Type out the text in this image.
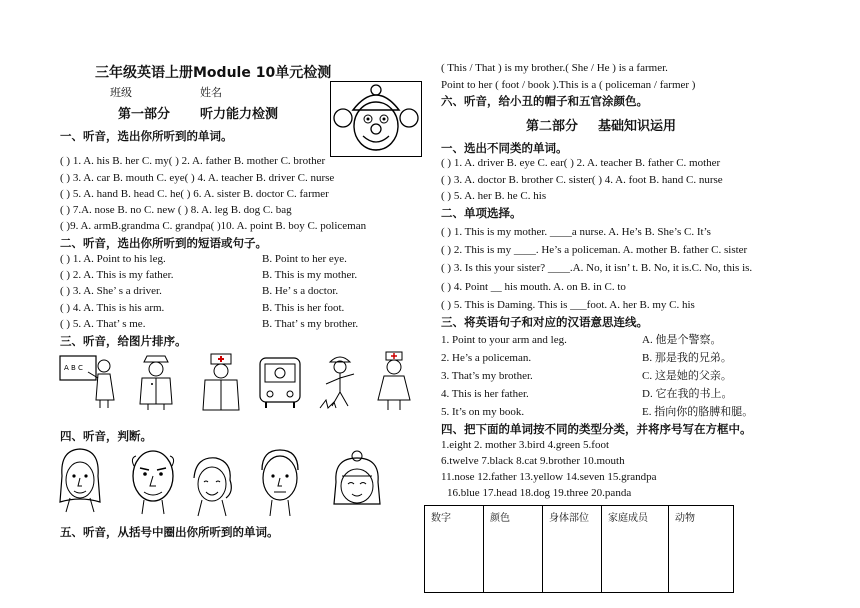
三年级英语上册Module 10单元检测
班级	姓名
第一部分 听力能力检测
一、听音，选出你所听到的单词。
( ) 1. A. his B. her C. my( ) 2. A. father B. mother C. brother
( ) 3. A. car B. mouth C. eye( ) 4. A. teacher B. driver C. nurse
( ) 5. A. hand B. head C. he( ) 6. A. sister B. doctor C. farmer
( ) 7.A. nose B. no C. new ( ) 8. A. leg B. dog C. bag
( )9. A. armB.grandma C. grandpa( )10. A. point B. boy C. policeman
二、听音，选出你所听到的短语或句子。
( ) 1. A. Point to his leg.	B. Point to her eye.
( ) 2. A. This is my father.	B. This is my mother.
( ) 3. A. She’ s a driver.	B. He’ s a doctor.
( ) 4. A. This is his arm.	B. This is her foot.
( ) 5. A. That’ s me.	B. That’ s my brother.
三、听音，给图片排序。
A B C
四、听音，判断。
五、听音，从括号中圈出你所听到的单词。
( This / That ) is my brother.( She / He ) is a farmer.
Point to her ( foot / book ).This is a ( policeman / farmer )
六、听音，给小丑的帽子和五官涂颜色。
第二部分 基础知识运用
一、选出不同类的单词。
( ) 1. A. driver B. eye C. ear( ) 2. A. teacher B. father C. mother
( ) 3. A. doctor B. brother C. sister( ) 4. A. foot B. hand C. nurse
( ) 5. A. her B. he C. his
二、单项选择。
( ) 1. This is my mother. ____a nurse. A. He’s B. She’s C. It’s
( ) 2. This is my ____. He’s a policeman. A. mother B. father C. sister
( ) 3. Is this your sister? ____.A. No, it isn’ t. B. No, it is.C. No, this is.
( ) 4. Point __ his mouth. A. on B. in C. to
( ) 5. This is Daming. This is ___foot. A. her B. my C. his
三、将英语句子和对应的汉语意思连线。
1. Point to your arm and leg.	A. 他是个警察。
2. He’s a policeman.	B. 那是我的兄弟。
3. That’s my brother.	C. 这是她的父亲。
4. This is her father.	D. 它在我的书上。
5. It’s on my book.	E. 指向你的胳膊和腿。
四、把下面的单词按不同的类型分类，并将序号写在方框中。
1.eight 2. mother 3.bird 4.green 5.foot
6.twelve 7.black 8.cat 9.brother 10.mouth
11.nose 12.father 13.yellow 14.seven 15.grandpa
16.blue 17.head 18.dog 19.three 20.panda
数字	颜色	身体部位	家庭成员	动物
